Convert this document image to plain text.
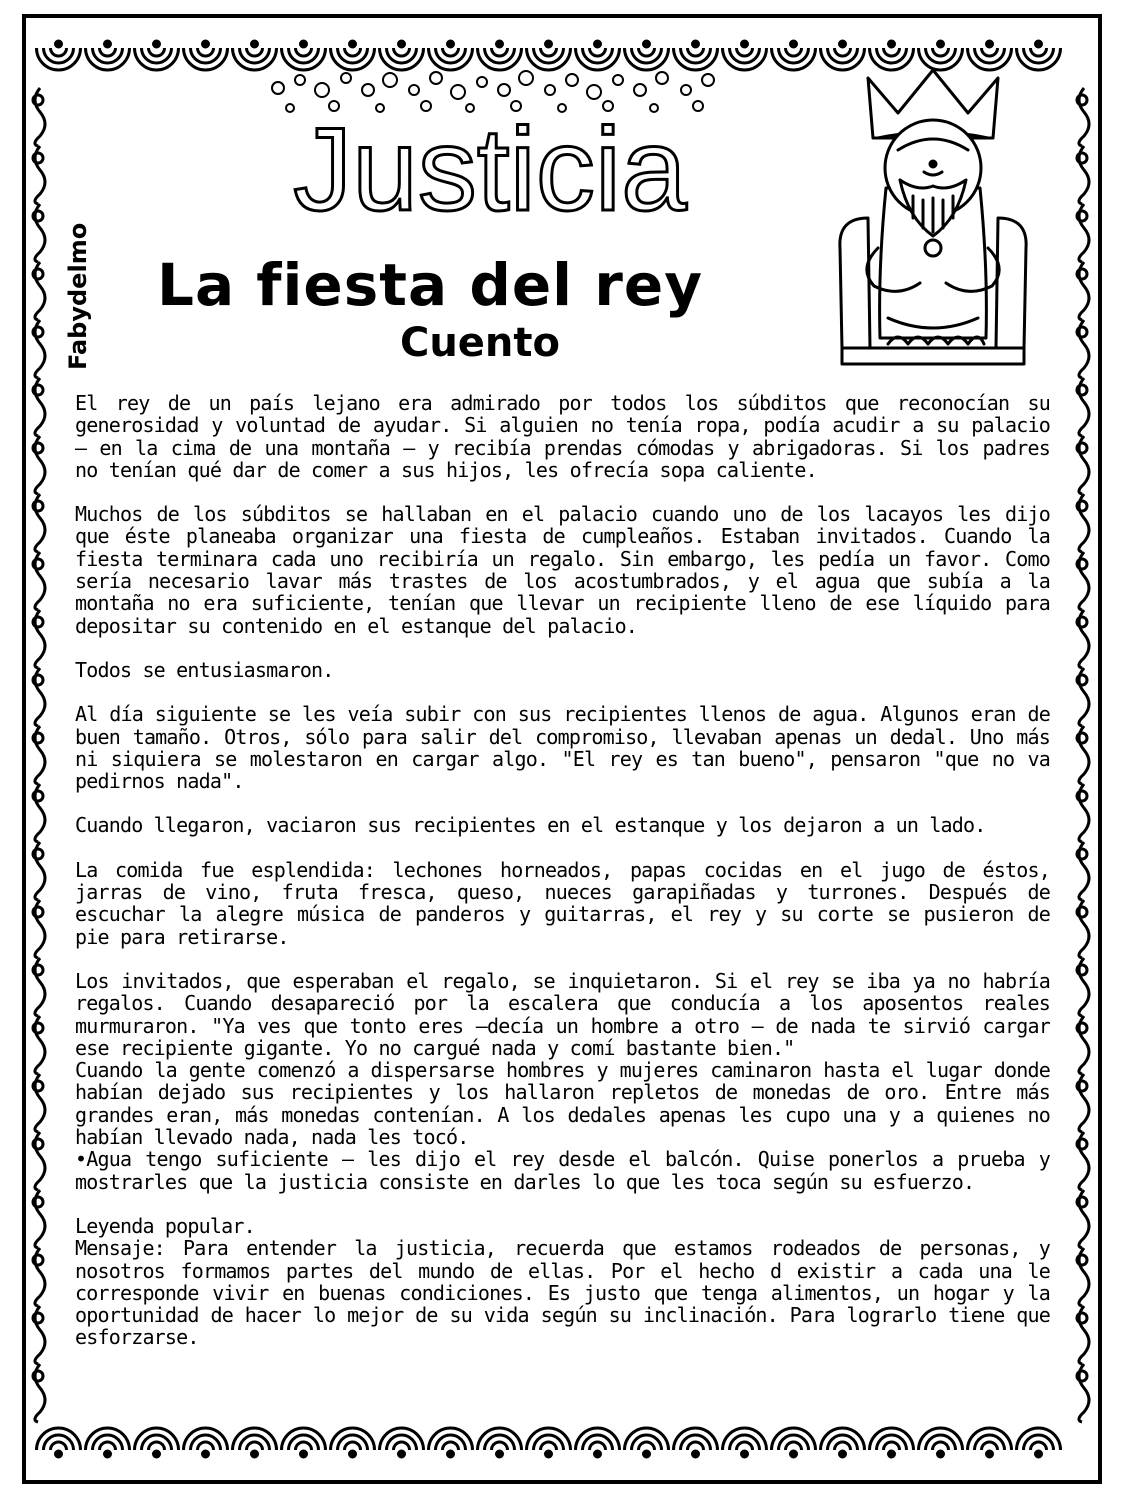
Fabydelmo
Justicia
La fiesta del rey
Cuento

El rey de un país lejano era admirado por todos los súbditos que reconocían su generosidad y voluntad de ayudar. Si alguien no tenía ropa, podía acudir a su palacio – en la cima de una montaña – y recibía prendas cómodas y abrigadoras. Si los padres no tenían qué dar de comer a sus hijos, les ofrecía sopa caliente.

Muchos de los súbditos se hallaban en el palacio cuando uno de los lacayos les dijo que éste planeaba organizar una fiesta de cumpleaños. Estaban invitados. Cuando la fiesta terminara cada uno recibiría un regalo. Sin embargo, les pedía un favor. Como sería necesario lavar más trastes de los acostumbrados, y el agua que subía a la montaña no era suficiente, tenían que llevar un recipiente lleno de ese líquido para depositar su contenido en el estanque del palacio.

Todos se entusiasmaron.

Al día siguiente se les veía subir con sus recipientes llenos de agua. Algunos eran de buen tamaño. Otros, sólo para salir del compromiso, llevaban apenas un dedal. Uno más ni siquiera se molestaron en cargar algo. "El rey es tan bueno", pensaron "que no va pedirnos nada".

Cuando llegaron, vaciaron sus recipientes en el estanque y los dejaron a un lado.

La comida fue esplendida: lechones horneados, papas cocidas en el jugo de éstos, jarras de vino, fruta fresca, queso, nueces garapiñadas y turrones. Después de escuchar la alegre música de panderos y guitarras, el rey y su corte se pusieron de pie para retirarse.

Los invitados, que esperaban el regalo, se inquietaron. Si el rey se iba ya no habría regalos. Cuando desapareció por la escalera que conducía a los aposentos reales murmuraron. "Ya ves que tonto eres –decía un hombre a otro – de nada te sirvió cargar ese recipiente gigante. Yo no cargué nada y comí bastante bien."

Cuando la gente comenzó a dispersarse hombres y mujeres caminaron hasta el lugar donde habían dejado sus recipientes y los hallaron repletos de monedas de oro. Entre más grandes eran, más monedas contenían. A los dedales apenas les cupo una y a quienes no habían llevado nada, nada les tocó.

•Agua tengo suficiente – les dijo el rey desde el balcón. Quise ponerlos a prueba y mostrarles que la justicia consiste en darles lo que les toca según su esfuerzo.

Leyenda popular.

Mensaje: Para entender la justicia, recuerda que estamos rodeados de personas, y nosotros formamos partes del mundo de ellas. Por el hecho d existir a cada una le corresponde vivir en buenas condiciones. Es justo que tenga alimentos, un hogar y la oportunidad de hacer lo mejor de su vida según su inclinación. Para lograrlo tiene que esforzarse.
